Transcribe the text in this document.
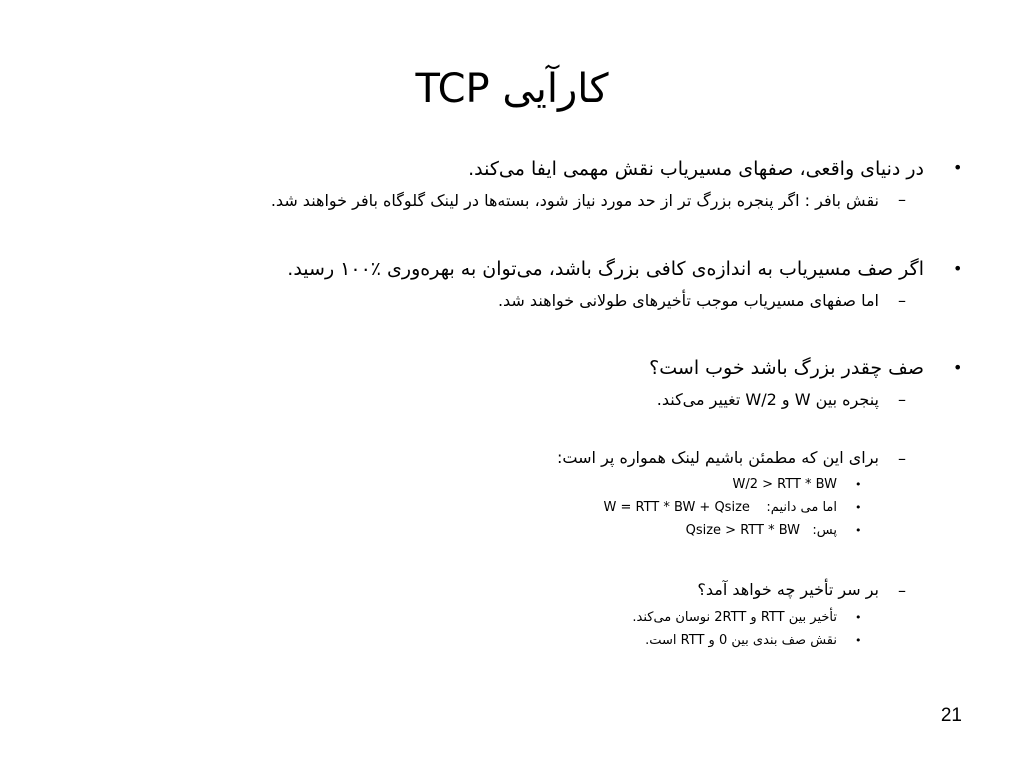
کارآیی TCP
•
در دنیای واقعی، صفهای مسیریاب نقش مهمی ایفا می‌کند.
–
نقش بافر : اگر پنجره بزرگ تر از حد مورد نیاز شود، بسته‌ها در لینک گلوگاه بافر خواهند شد.
•
اگر صف مسیریاب به اندازه‌ی کافی بزرگ باشد، می‌توان به بهره‌وری ٪۱۰۰ رسید.
–
اما صفهای مسیریاب موجب تأخیرهای طولانی خواهند شد.
•
صف چقدر بزرگ باشد خوب است؟
–
پنجره بین W و W/2 تغییر می‌کند.
–
برای این که مطمئن باشیم لینک همواره پر است:
•
W/2 > RTT * BW
•
اما می دانیم:    W = RTT * BW + Qsize
•
پس:   Qsize > RTT * BW
–
بر سر تأخیر چه خواهد آمد؟
•
تأخیر بین RTT و 2RTT نوسان می‌کند.
•
نقش صف بندی بین 0 و RTT است.
21
